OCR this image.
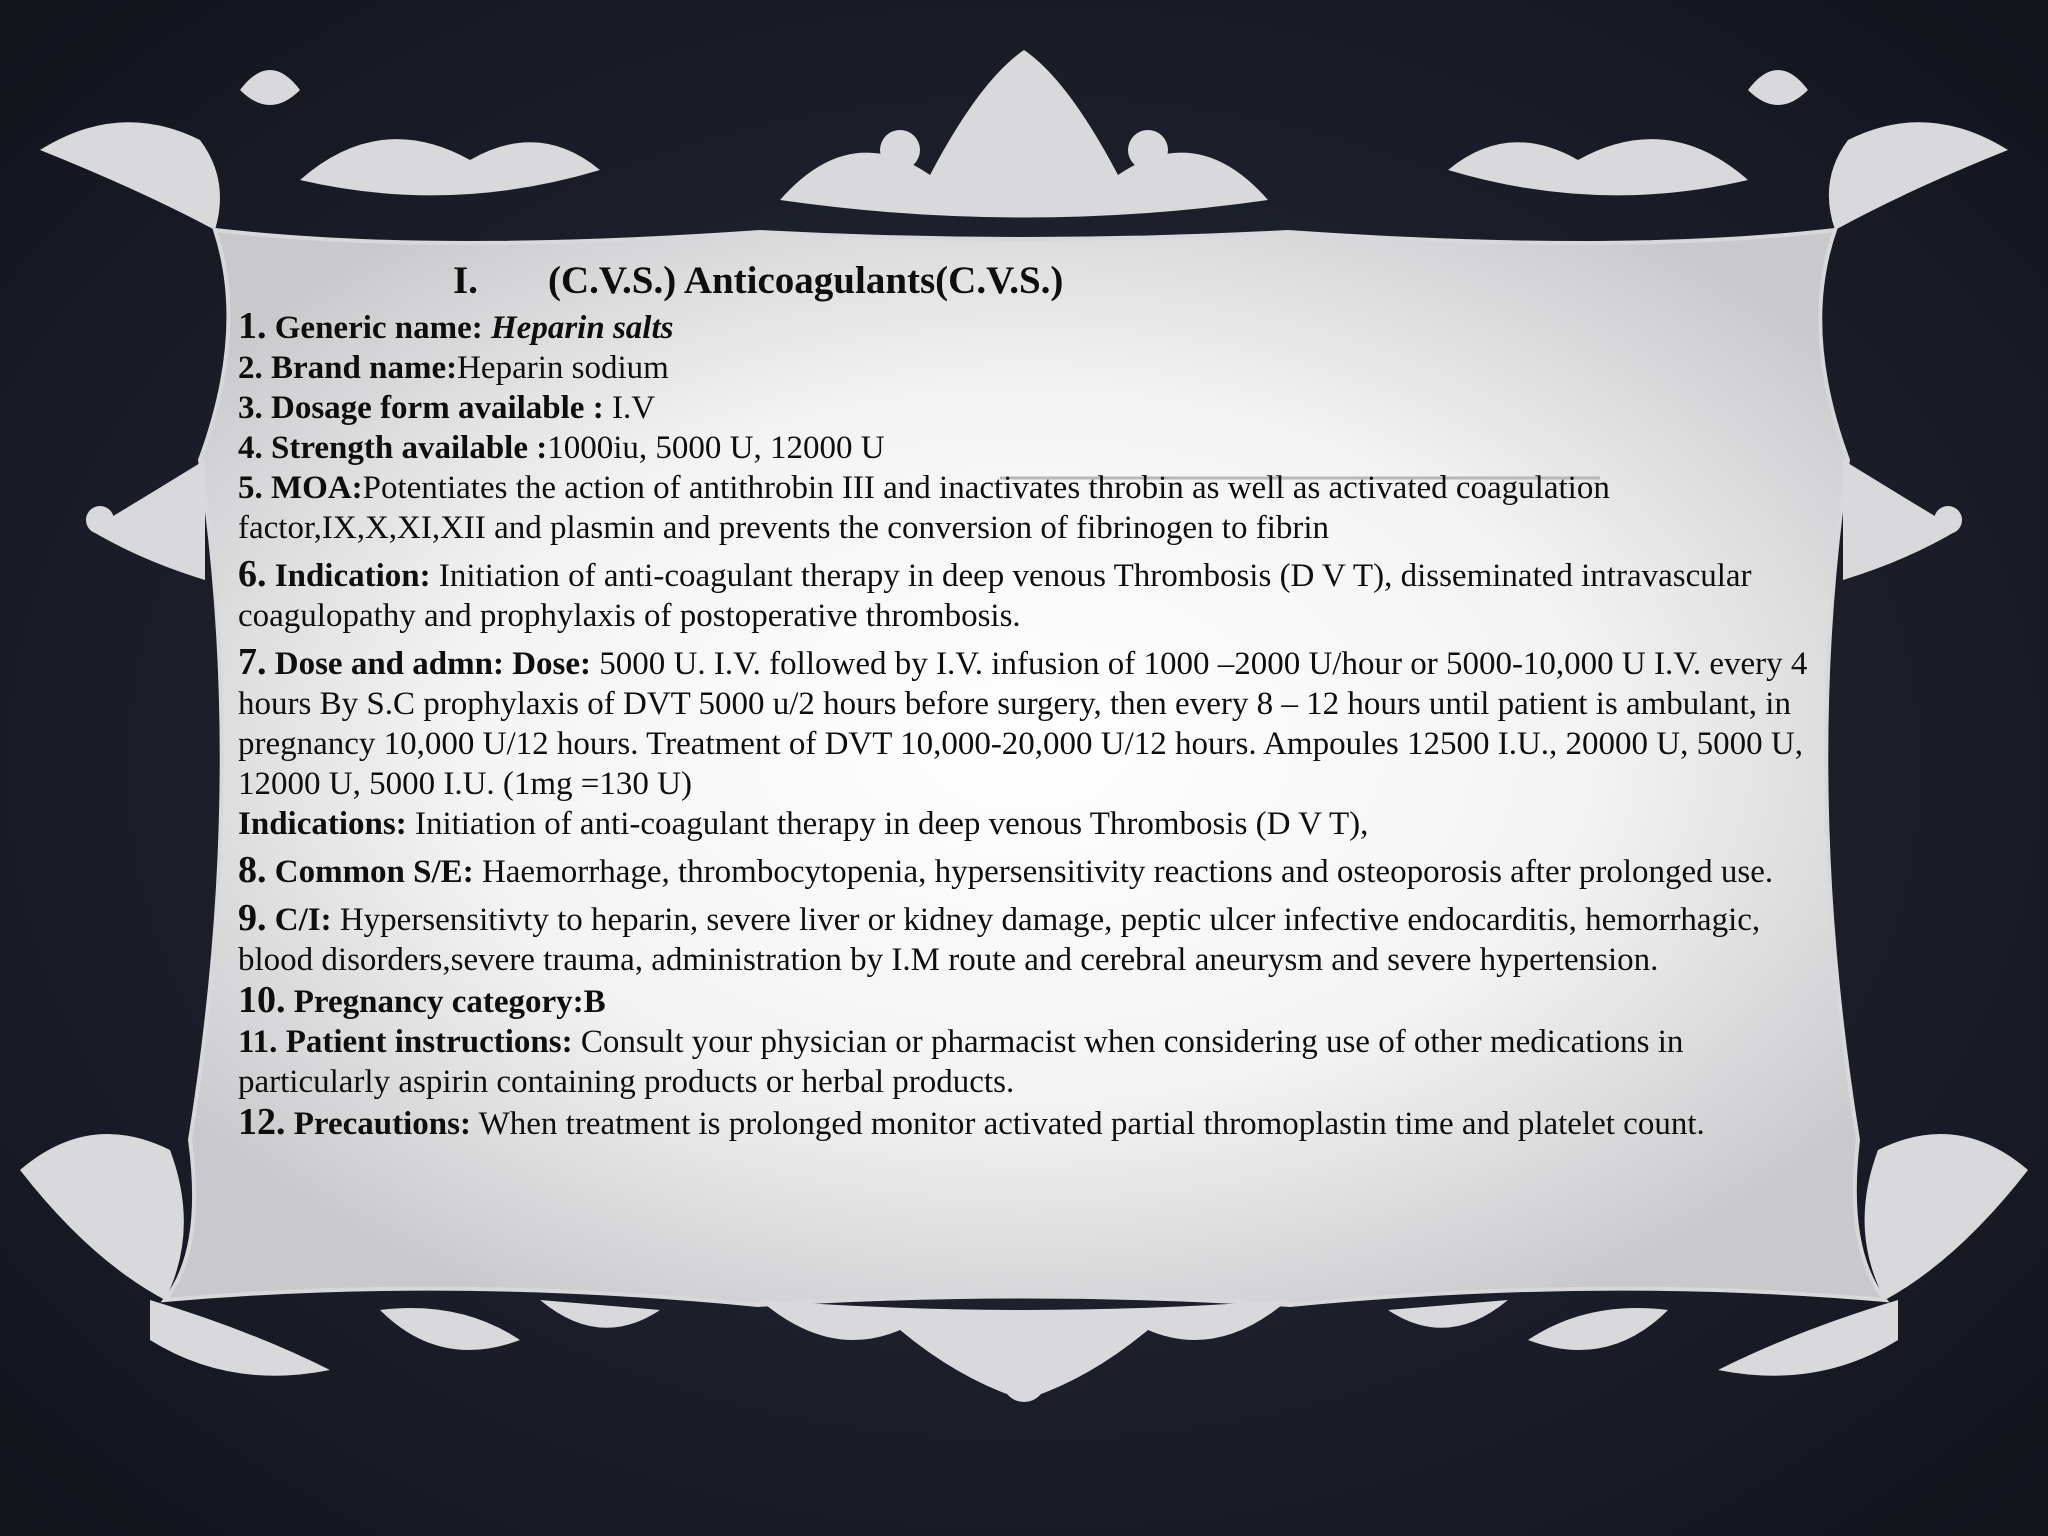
I. (C.V.S.) Anticoagulants(C.V.S.)

1. Generic name: Heparin salts

2. Brand name:Heparin sodium

3. Dosage form available : I.V

4. Strength available :1000iu, 5000 U, 12000 U

5. MOA:Potentiates the action of antithrobin III and inactivates throbin as well as activated coagulation factor,IX,X,XI,XII and plasmin and prevents the conversion of fibrinogen to fibrin

6. Indication: Initiation of anti-coagulant therapy in deep venous Thrombosis (D V T), disseminated intravascular coagulopathy and prophylaxis of postoperative thrombosis.

7. Dose and admn: Dose: 5000 U. I.V. followed by I.V. infusion of 1000 –2000 U/hour or 5000-10,000 U I.V. every 4 hours By S.C prophylaxis of DVT 5000 u/2 hours before surgery, then every 8 – 12 hours until patient is ambulant, in pregnancy 10,000 U/12 hours. Treatment of DVT 10,000-20,000 U/12 hours. Ampoules 12500 I.U., 20000 U, 5000 U, 12000 U, 5000 I.U. (1mg =130 U)
Indications: Initiation of anti-coagulant therapy in deep venous Thrombosis (D V T),

8. Common S/E: Haemorrhage, thrombocytopenia, hypersensitivity reactions and osteoporosis after prolonged use.

9. C/I: Hypersensitivty to heparin, severe liver or kidney damage, peptic ulcer infective endocarditis, hemorrhagic, blood disorders,severe trauma, administration by I.M route and cerebral aneurysm and severe hypertension.

10. Pregnancy category:B

11. Patient instructions: Consult your physician or pharmacist when considering use of other medications in particularly aspirin containing products or herbal products.

12. Precautions: When treatment is prolonged monitor activated partial thromoplastin time and platelet count.
